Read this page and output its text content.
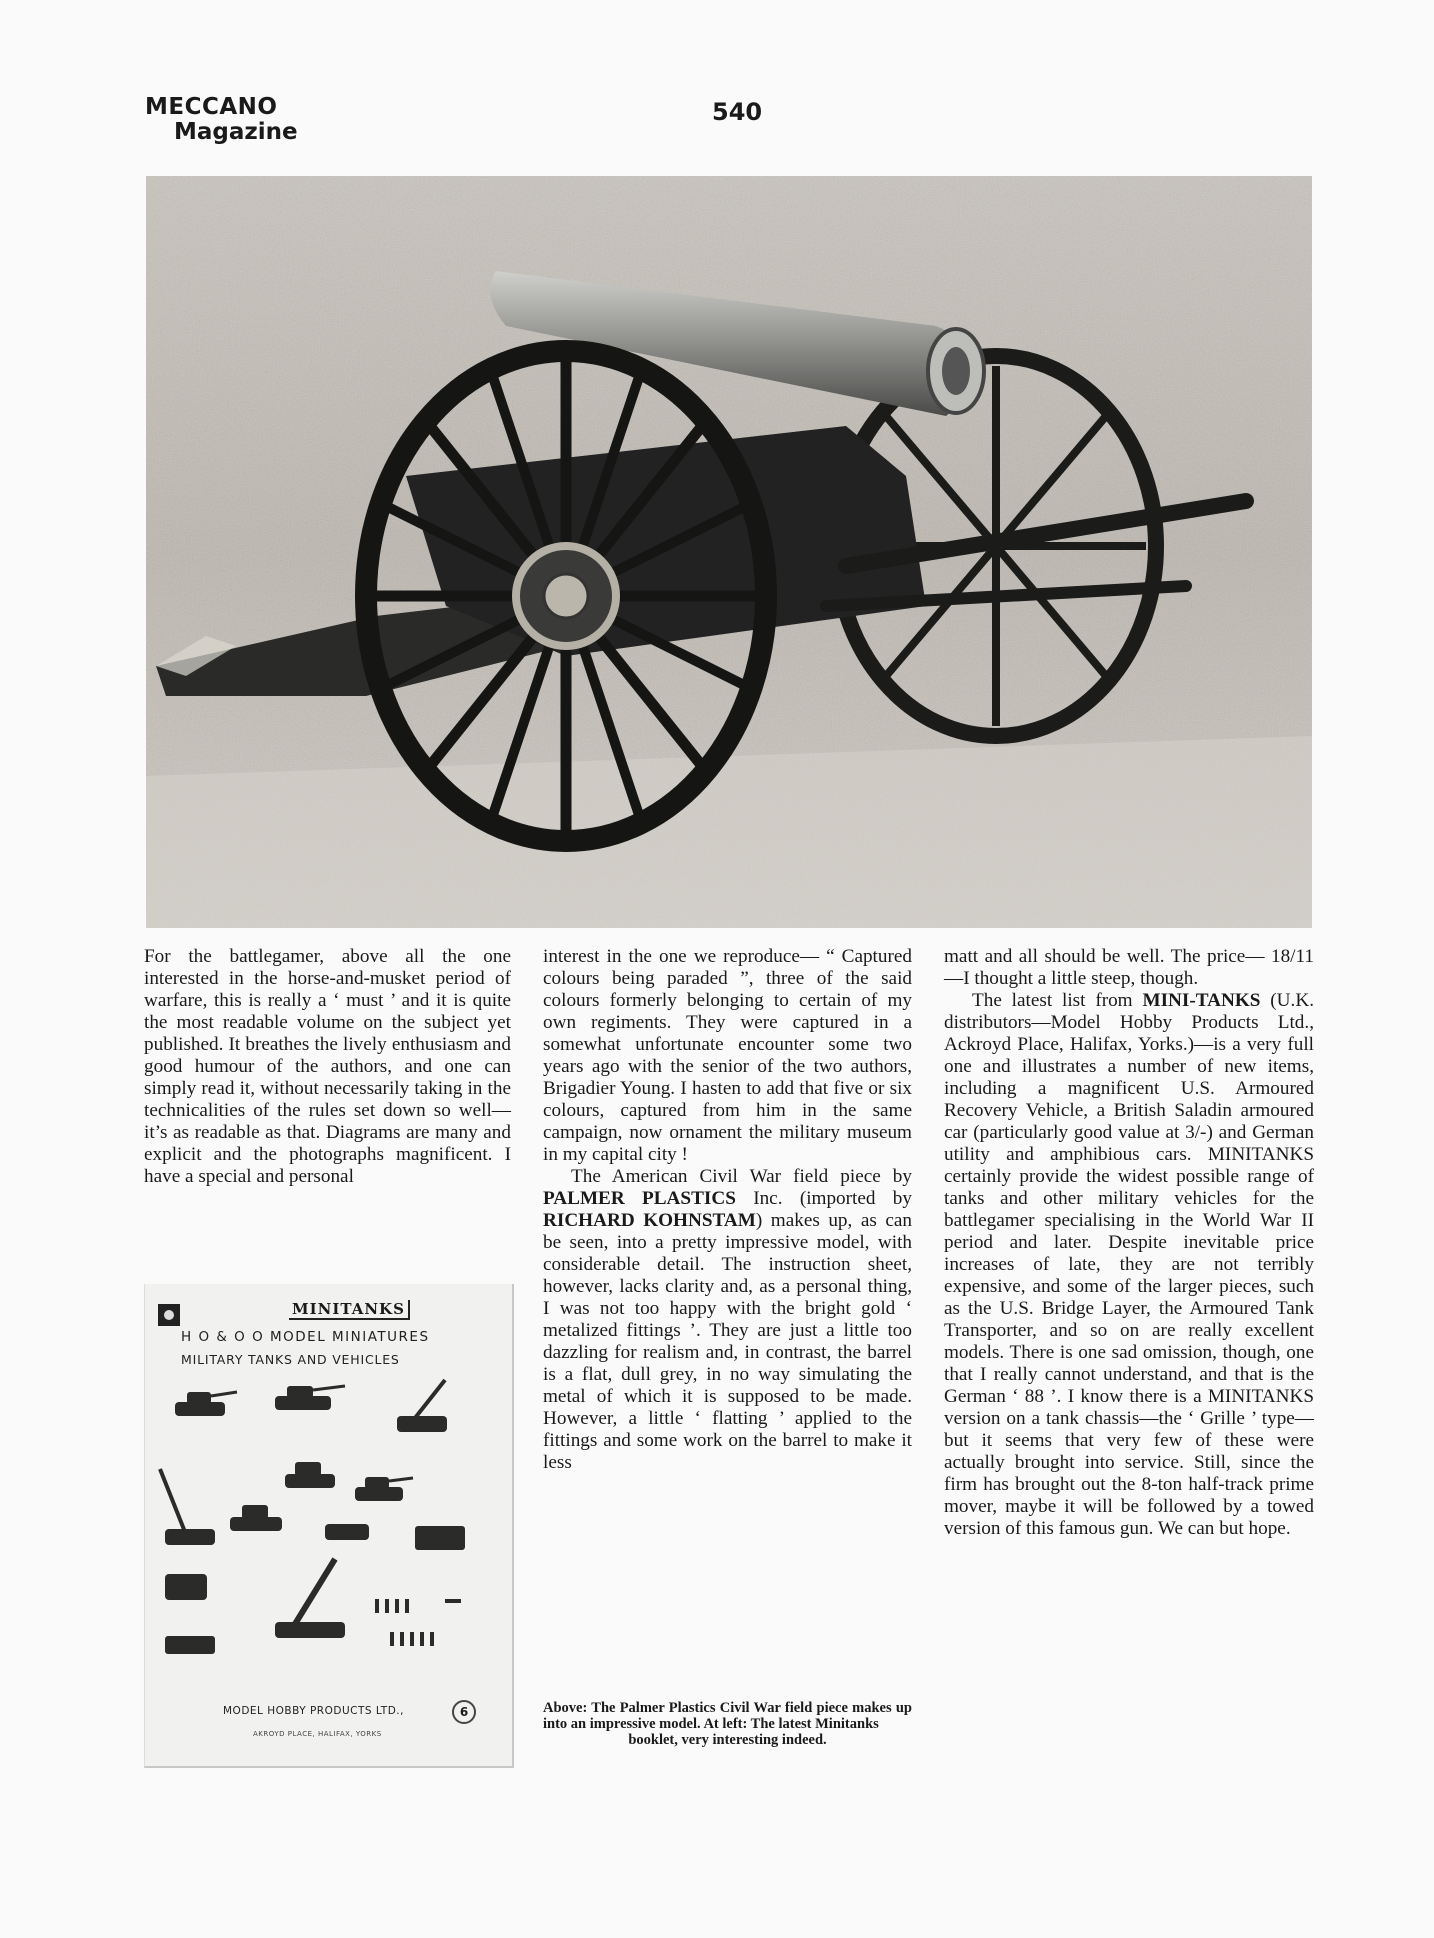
MECCANO
Magazine
540

For the battlegamer, above all the one interested in the horse-and-musket period of warfare, this is really a ‘ must ’ and it is quite the most readable volume on the subject yet published. It breathes the lively enthusiasm and good humour of the authors, and one can simply read it, without necessarily taking in the technicalities of the rules set down so well—it’s as readable as that. Diagrams are many and explicit and the photographs magnificent. I have a special and personal

MINITANKS
H O & O O MODEL MINIATURES
MILITARY TANKS AND VEHICLES
MODEL HOBBY PRODUCTS LTD.,	6
AKROYD PLACE, HALIFAX, YORKS

interest in the one we reproduce— “ Captured colours being paraded ”, three of the said colours formerly belonging to certain of my own regiments. They were captured in a somewhat unfortunate encounter some two years ago with the senior of the two authors, Brigadier Young. I hasten to add that five or six colours, captured from him in the same campaign, now ornament the military museum in my capital city !

The American Civil War field piece by PALMER PLASTICS Inc. (imported by RICHARD KOHNSTAM) makes up, as can be seen, into a pretty impressive model, with considerable detail. The instruction sheet, however, lacks clarity and, as a personal thing, I was not too happy with the bright gold ‘ metalized fittings ’. They are just a little too dazzling for realism and, in contrast, the barrel is a flat, dull grey, in no way simulating the metal of which it is supposed to be made. However, a little ‘ flatting ’ applied to the fittings and some work on the barrel to make it less

Above: The Palmer Plastics Civil War field piece makes up into an impressive model. At left: The latest Minitanks
booklet, very interesting indeed.

matt and all should be well. The price— 18/11—I thought a little steep, though.

The latest list from MINI-TANKS (U.K. distributors—Model Hobby Products Ltd., Ackroyd Place, Halifax, Yorks.)—is a very full one and illustrates a number of new items, including a magnificent U.S. Armoured Recovery Vehicle, a British Saladin armoured car (particularly good value at 3/-) and German utility and amphibious cars. MINITANKS certainly provide the widest possible range of tanks and other military vehicles for the battlegamer specialising in the World War II period and later. Despite inevitable price increases of late, they are not terribly expensive, and some of the larger pieces, such as the U.S. Bridge Layer, the Armoured Tank Transporter, and so on are really excellent models. There is one sad omission, though, one that I really cannot understand, and that is the German ‘ 88 ’. I know there is a MINITANKS version on a tank chassis—the ‘ Grille ’ type—but it seems that very few of these were actually brought into service. Still, since the firm has brought out the 8-ton half-track prime mover, maybe it will be followed by a towed version of this famous gun. We can but hope.
